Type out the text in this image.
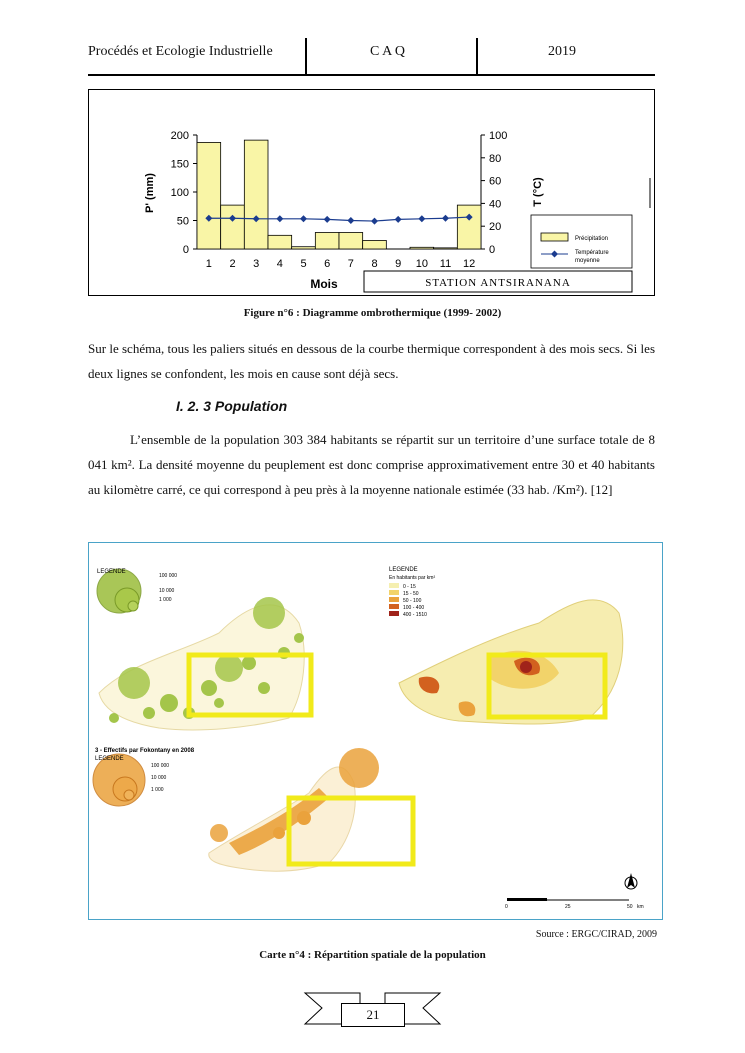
Procédés et Ecologie Industrielle	C A Q	2019
0
50
100
150
200
0
20
40
60
80
100
1 2 3 4 5 6 7 8 9 10 11 12
Mois
P' (mm)	T (°C)
Précipitation
Température
moyenne
STATION ANTSIRANANA
Figure n°6 : Diagramme ombrothermique (1999- 2002)
Sur le schéma, tous les paliers situés en dessous de la courbe thermique correspondent à des mois secs. Si les deux lignes se confondent, les mois en cause sont déjà secs.
I. 2. 3 Population
L’ensemble de la population 303 384 habitants se répartit sur un territoire d’une surface totale de 8 041 km². La densité moyenne du peuplement est donc comprise approximativement entre 30 et 40 habitants au kilomètre carré, ce qui correspond à peu près à la moyenne nationale estimée (33 hab. /Km²). [12]
LEGENDE
100 000
10 000
1 000
LEGENDE
En habitants par km²
0 - 15
15 - 50
50 - 100
100 - 400
400 - 1510
3 - Effectifs par Fokontany en 2008
LEGENDE
100 000
10 000
1 000
0	25	50 km
Source : ERGC/CIRAD, 2009
Carte n°4 : Répartition spatiale de la population
21
